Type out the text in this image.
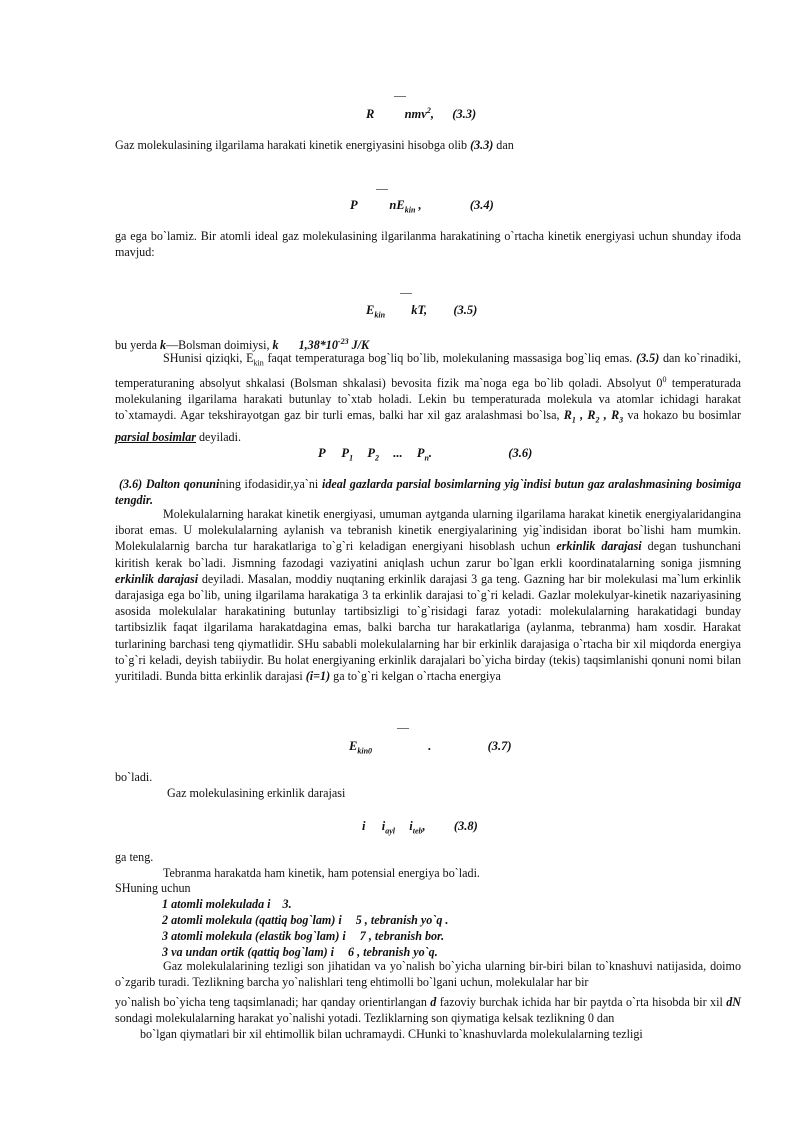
—
R nmv$^2$, (3.3)
Gaz molekulasining ilgarilama harakati kinetik energiyasini hisobga olib (3.3) dan
—
P	$nE_{kin}$ ,	(3.4)
ga ega bo`lamiz. Bir atomli ideal gaz molekulasining ilgarilanma harakatining o`rtacha kinetik energiyasi uchun shunday ifoda mavjud:
—
$E_{kin}$ kT, (3.5)
bu yerda k—Bolsman doimiysi, k $1,38*10^{-23}$ J/K
SHunisi qiziqki, $E_{kin}$ faqat temperaturaga bog`liq bo`lib, molekulaning massasiga bog`liq emas. (3.5) dan ko`rinadiki, temperaturaning absolyut shkalasi (Bolsman shkalasi) bevosita fizik ma`noga ega bo`lib qoladi. Absolyut $0^0$ temperaturada molekulaning ilgarilama harakati butunlay to`xtab holadi. Lekin bu temperaturada molekula va atomlar ichidagi harakat to`xtamaydi. Agar tekshirayotgan gaz bir turli emas, balki har xil gaz aralashmasi bo`lsa, $R_1$ , $R_2$ , $R_3$ va hokazo bu bosimlar parsial bosimlar deyiladi.
P $P_1$ $P_2$ ... $P_n$.	(3.6)
(3.6) Dalton qonunining ifodasidir,ya`ni ideal gazlarda parsial bosimlarning yig`indisi butun gaz aralashmasining bosimiga tengdir.
Molekulalarning harakat kinetik energiyasi, umuman aytganda ularning ilgarilama harakat kinetik energiyalaridangina iborat emas. U molekulalarning aylanish va tebranish kinetik energiyalarining yig`indisidan iborat bo`lishi ham mumkin. Molekulalarnig barcha tur harakatlariga to`g`ri keladigan energiyani hisoblash uchun erkinlik darajasi degan tushunchani kiritish kerak bo`ladi. Jismning fazodagi vaziyatini aniqlash uchun zarur bo`lgan erkli koordinatalarning soniga jismning erkinlik darajasi deyiladi. Masalan, moddiy nuqtaning erkinlik darajasi 3 ga teng. Gazning har bir molekulasi ma`lum erkinlik darajasiga ega bo`lib, uning ilgarilama harakatiga 3 ta erkinlik darajasi to`g`ri keladi. Gazlar molekulyar-kinetik nazariyasining asosida molekulalar harakatining butunlay tartibsizligi to`g`risidagi faraz yotadi: molekulalarning harakatidagi bunday tartibsizlik faqat ilgarilama harakatdagina emas, balki barcha tur harakatlariga (aylanma, tebranma) ham xosdir. Harakat turlarining barchasi teng qiymatlidir. SHu sababli molekulalarning har bir erkinlik darajasiga o`rtacha bir xil miqdorda energiya to`g`ri keladi, deyish tabiiydir. Bu holat energiyaning erkinlik darajalari bo`yicha birday (tekis) taqsimlanishi qonuni nomi bilan yuritiladi. Bunda bitta erkinlik darajasi (i=1) ga to`g`ri kelgan o`rtacha energiya
—
$E_{kin0}$	.	(3.7)
bo`ladi.
Gaz molekulasining erkinlik darajasi
i $i_{ayl}$ $i_{teb}$, (3.8)
ga teng.
Tebranma harakatda ham kinetik, ham potensial energiya bo`ladi.
SHuning uchun
1 atomli molekulada i 3.
2 atomli molekula (qattiq bog`lam) i 5 , tebranish yo`q .
3 atomli molekula (elastik bog`lam) i 7 , tebranish bor.
3 va undan ortik (qattiq bog`lam) i 6 , tebranish yo`q.
Gaz molekulalarining tezligi son jihatidan va yo`nalish bo`yicha ularning bir-biri bilan to`knashuvi natijasida, doimo o`zgarib turadi. Tezlikning barcha yo`nalishlari teng ehtimolli bo`lgani uchun, molekulalar har bir
yo`nalish bo`yicha teng taqsimlanadi; har qanday orientirlangan d fazoviy burchak ichida har bir paytda o`rta hisobda bir xil dN sondagi molekulalarning harakat yo`nalishi yotadi. Tezliklarning son qiymatiga kelsak tezlikning 0 dan
bo`lgan qiymatlari bir xil ehtimollik bilan uchramaydi. CHunki to`knashuvlarda molekulalarning tezligi
